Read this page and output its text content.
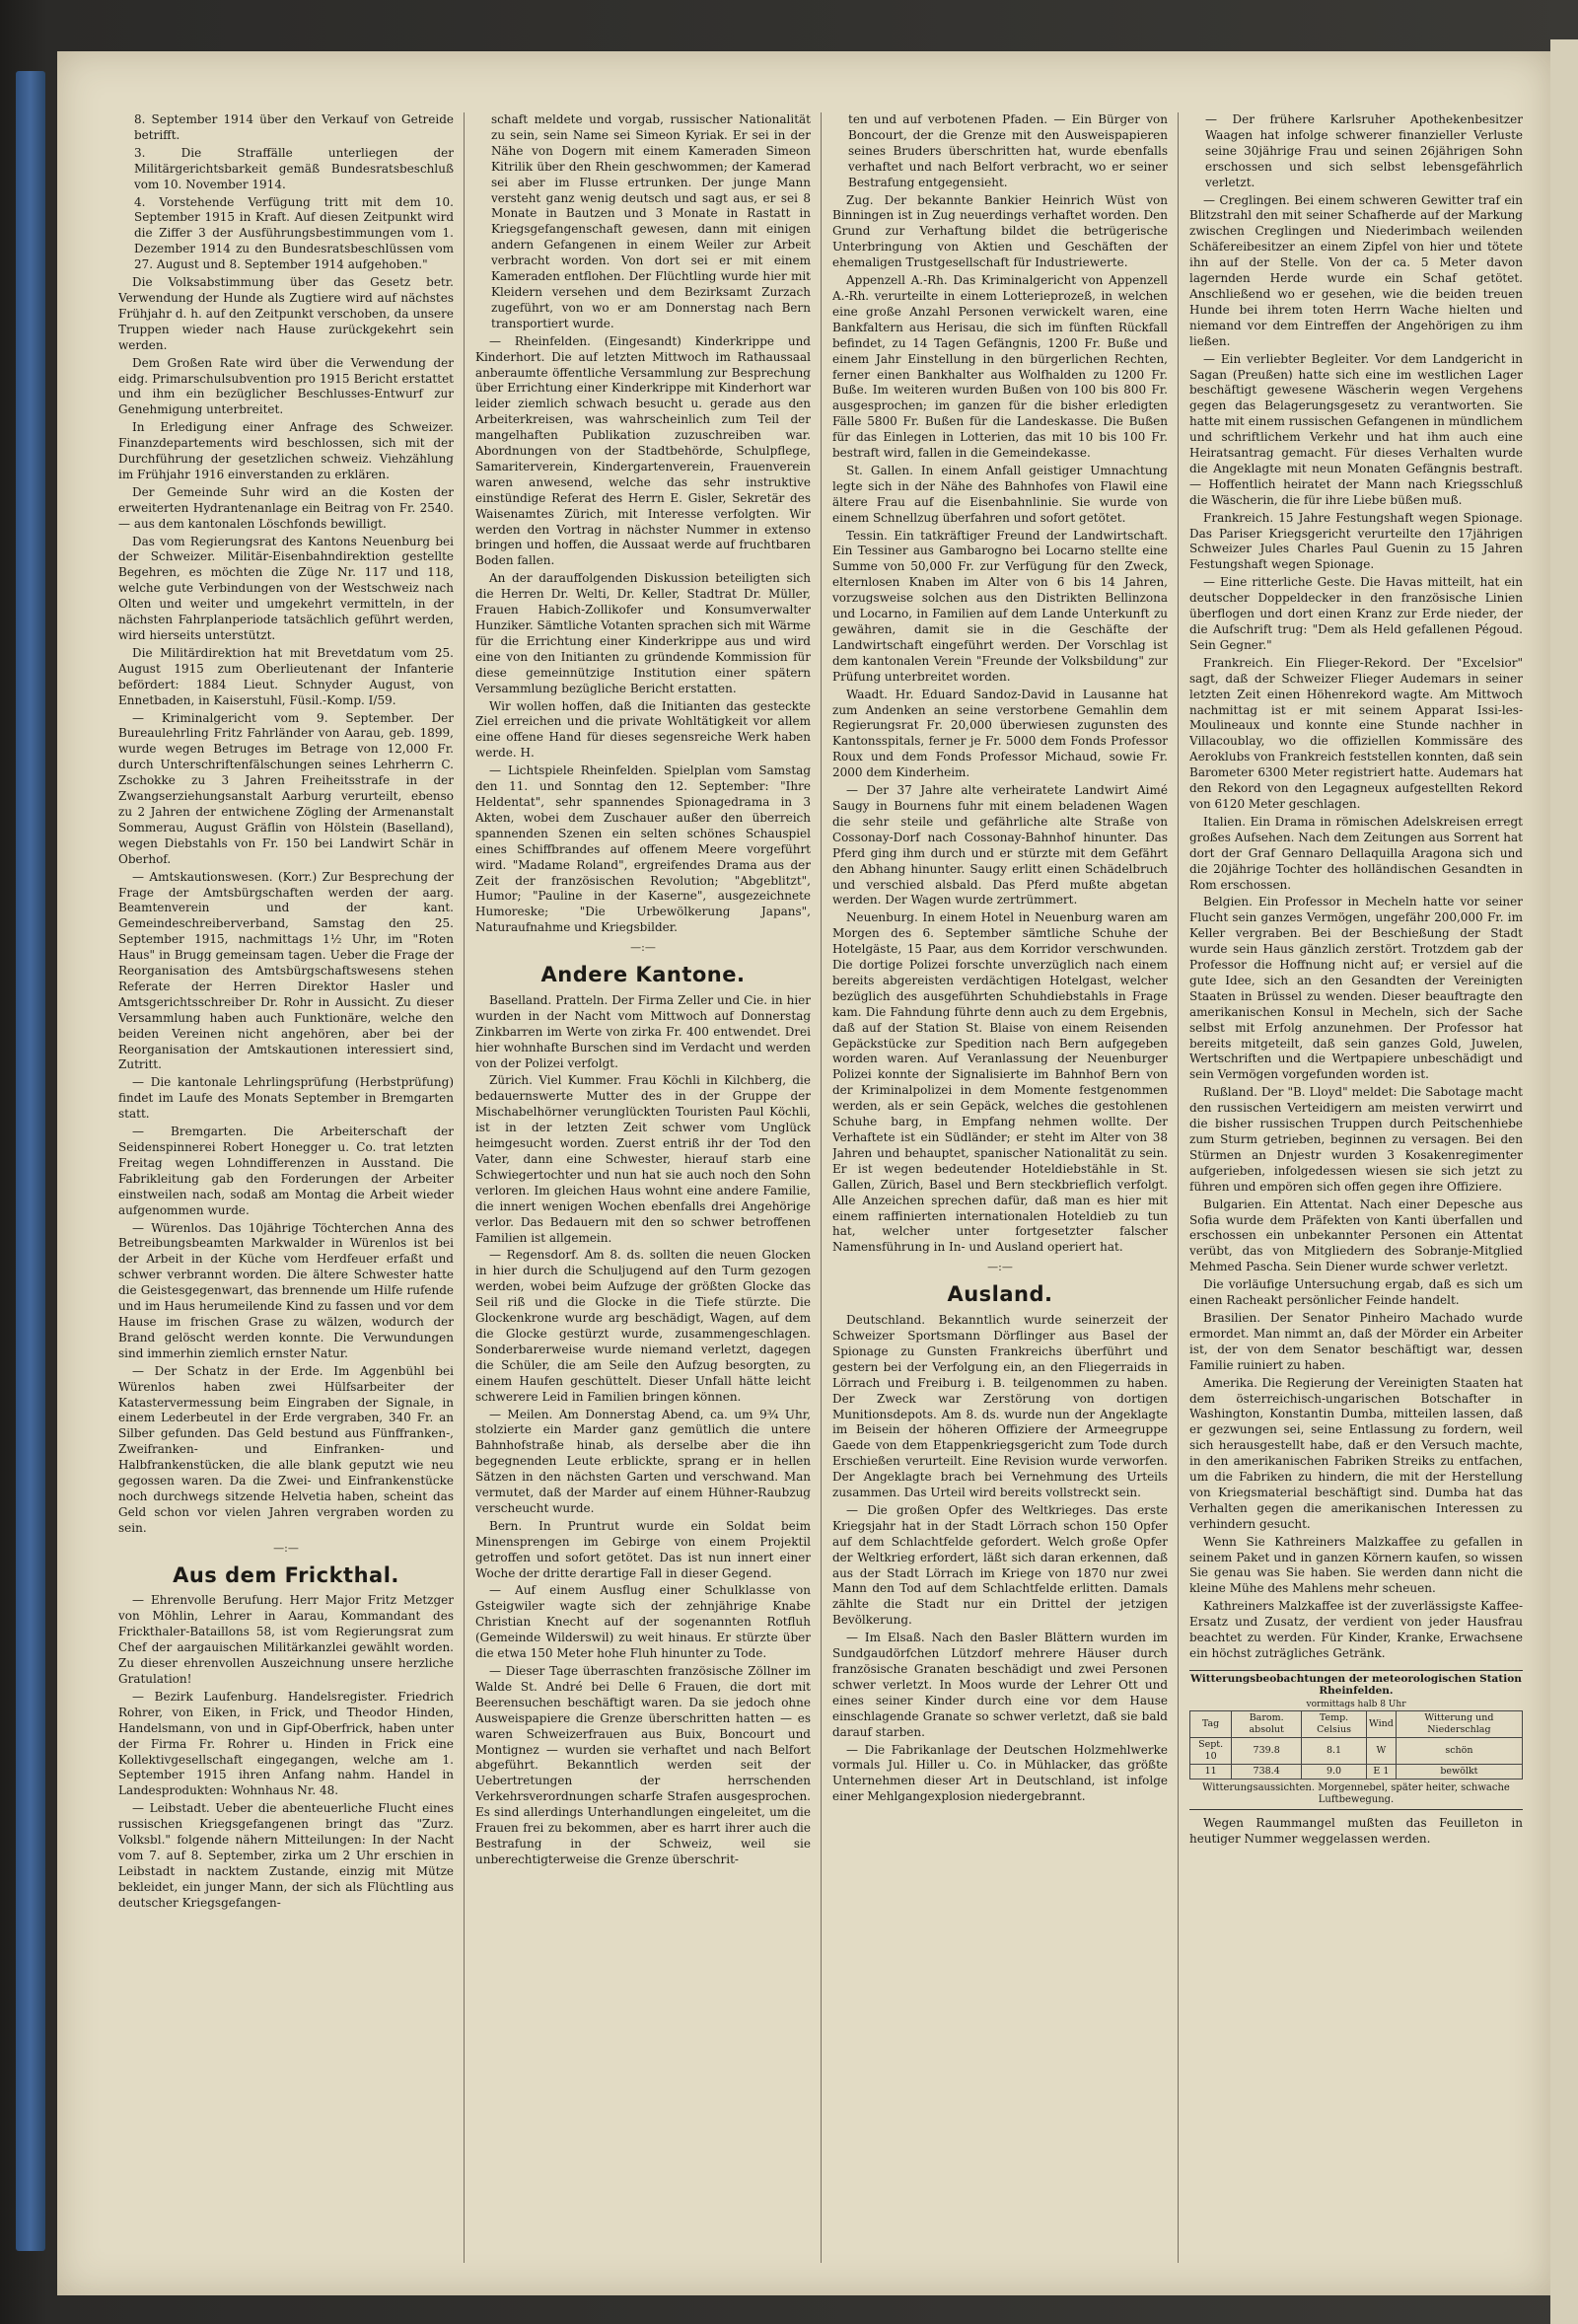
8. September 1914 über den Verkauf von Getreide betrifft.

3. Die Straffälle unterliegen der Militärgerichtsbarkeit gemäß Bundesratsbeschluß vom 10. November 1914.

4. Vorstehende Verfügung tritt mit dem 10. September 1915 in Kraft. Auf diesen Zeitpunkt wird die Ziffer 3 der Ausführungsbestimmungen vom 1. Dezember 1914 zu den Bundesratsbeschlüssen vom 27. August und 8. September 1914 aufgehoben."

Die Volksabstimmung über das Gesetz betr. Verwendung der Hunde als Zugtiere wird auf nächstes Frühjahr d. h. auf den Zeitpunkt verschoben, da unsere Truppen wieder nach Hause zurückgekehrt sein werden.

Dem Großen Rate wird über die Verwendung der eidg. Primarschulsubvention pro 1915 Bericht erstattet und ihm ein bezüglicher Beschlusses-Entwurf zur Genehmigung unterbreitet.

In Erledigung einer Anfrage des Schweizer. Finanzdepartements wird beschlossen, sich mit der Durchführung der gesetzlichen schweiz. Viehzählung im Frühjahr 1916 einverstanden zu erklären.

Der Gemeinde Suhr wird an die Kosten der erweiterten Hydrantenanlage ein Beitrag von Fr. 2540.— aus dem kantonalen Löschfonds bewilligt.

Das vom Regierungsrat des Kantons Neuenburg bei der Schweizer. Militär-Eisenbahndirektion gestellte Begehren, es möchten die Züge Nr. 117 und 118, welche gute Verbindungen von der Westschweiz nach Olten und weiter und umgekehrt vermitteln, in der nächsten Fahrplanperiode tatsächlich geführt werden, wird hierseits unterstützt.

Die Militärdirektion hat mit Brevetdatum vom 25. August 1915 zum Oberlieutenant der Infanterie befördert: 1884 Lieut. Schnyder August, von Ennetbaden, in Kaiserstuhl, Füsil.-Komp. I/59.

— Kriminalgericht vom 9. September. Der Bureaulehrling Fritz Fahrländer von Aarau, geb. 1899, wurde wegen Betruges im Betrage von 12,000 Fr. durch Unterschriftenfälschungen seines Lehrherrn C. Zschokke zu 3 Jahren Freiheitsstrafe in der Zwangserziehungsanstalt Aarburg verurteilt, ebenso zu 2 Jahren der entwichene Zögling der Armenanstalt Sommerau, August Gräflin von Hölstein (Baselland), wegen Diebstahls von Fr. 150 bei Landwirt Schär in Oberhof.

— Amtskautionswesen. (Korr.) Zur Besprechung der Frage der Amtsbürgschaften werden der aarg. Beamtenverein und der kant. Gemeindeschreiberverband, Samstag den 25. September 1915, nachmittags 1½ Uhr, im "Roten Haus" in Brugg gemeinsam tagen. Ueber die Frage der Reorganisation des Amtsbürgschaftswesens stehen Referate der Herren Direktor Hasler und Amtsgerichtsschreiber Dr. Rohr in Aussicht. Zu dieser Versammlung haben auch Funktionäre, welche den beiden Vereinen nicht angehören, aber bei der Reorganisation der Amtskautionen interessiert sind, Zutritt.

— Die kantonale Lehrlingsprüfung (Herbstprüfung) findet im Laufe des Monats September in Bremgarten statt.

— Bremgarten. Die Arbeiterschaft der Seidenspinnerei Robert Honegger u. Co. trat letzten Freitag wegen Lohndifferenzen in Ausstand. Die Fabrikleitung gab den Forderungen der Arbeiter einstweilen nach, sodaß am Montag die Arbeit wieder aufgenommen wurde.

— Würenlos. Das 10jährige Töchterchen Anna des Betreibungsbeamten Markwalder in Würenlos ist bei der Arbeit in der Küche vom Herdfeuer erfaßt und schwer verbrannt worden. Die ältere Schwester hatte die Geistesgegenwart, das brennende um Hilfe rufende und im Haus herumeilende Kind zu fassen und vor dem Hause im frischen Grase zu wälzen, wodurch der Brand gelöscht werden konnte. Die Verwundungen sind immerhin ziemlich ernster Natur.

— Der Schatz in der Erde. Im Aggenbühl bei Würenlos haben zwei Hülfsarbeiter der Katastervermessung beim Eingraben der Signale, in einem Lederbeutel in der Erde vergraben, 340 Fr. an Silber gefunden. Das Geld bestund aus Fünffranken-, Zweifranken- und Einfranken- und Halbfrankenstücken, die alle blank geputzt wie neu gegossen waren. Da die Zwei- und Einfrankenstücke noch durchwegs sitzende Helvetia haben, scheint das Geld schon vor vielen Jahren vergraben worden zu sein.

—:—
Aus dem Frickthal.

— Ehrenvolle Berufung. Herr Major Fritz Metzger von Möhlin, Lehrer in Aarau, Kommandant des Frickthaler-Bataillons 58, ist vom Regierungsrat zum Chef der aargauischen Militärkanzlei gewählt worden. Zu dieser ehrenvollen Auszeichnung unsere herzliche Gratulation!

— Bezirk Laufenburg. Handelsregister. Friedrich Rohrer, von Eiken, in Frick, und Theodor Hinden, Handelsmann, von und in Gipf-Oberfrick, haben unter der Firma Fr. Rohrer u. Hinden in Frick eine Kollektivgesellschaft eingegangen, welche am 1. September 1915 ihren Anfang nahm. Handel in Landesprodukten: Wohnhaus Nr. 48.

— Leibstadt. Ueber die abenteuerliche Flucht eines russischen Kriegsgefangenen bringt das "Zurz. Volksbl." folgende nähern Mitteilungen: In der Nacht vom 7. auf 8. September, zirka um 2 Uhr erschien in Leibstadt in nacktem Zustande, einzig mit Mütze bekleidet, ein junger Mann, der sich als Flüchtling aus deutscher Kriegsgefangen-

schaft meldete und vorgab, russischer Nationalität zu sein, sein Name sei Simeon Kyriak. Er sei in der Nähe von Dogern mit einem Kameraden Simeon Kitrilik über den Rhein geschwommen; der Kamerad sei aber im Flusse ertrunken. Der junge Mann versteht ganz wenig deutsch und sagt aus, er sei 8 Monate in Bautzen und 3 Monate in Rastatt in Kriegsgefangenschaft gewesen, dann mit einigen andern Gefangenen in einem Weiler zur Arbeit verbracht worden. Von dort sei er mit einem Kameraden entflohen. Der Flüchtling wurde hier mit Kleidern versehen und dem Bezirksamt Zurzach zugeführt, von wo er am Donnerstag nach Bern transportiert wurde.

— Rheinfelden. (Eingesandt) Kinderkrippe und Kinderhort. Die auf letzten Mittwoch im Rathaussaal anberaumte öffentliche Versammlung zur Besprechung über Errichtung einer Kinderkrippe mit Kinderhort war leider ziemlich schwach besucht u. gerade aus den Arbeiterkreisen, was wahrscheinlich zum Teil der mangelhaften Publikation zuzuschreiben war. Abordnungen von der Stadtbehörde, Schulpflege, Samariterverein, Kindergartenverein, Frauenverein waren anwesend, welche das sehr instruktive einstündige Referat des Herrn E. Gisler, Sekretär des Waisenamtes Zürich, mit Interesse verfolgten. Wir werden den Vortrag in nächster Nummer in extenso bringen und hoffen, die Aussaat werde auf fruchtbaren Boden fallen.

An der darauffolgenden Diskussion beteiligten sich die Herren Dr. Welti, Dr. Keller, Stadtrat Dr. Müller, Frauen Habich-Zollikofer und Konsumverwalter Hunziker. Sämtliche Votanten sprachen sich mit Wärme für die Errichtung einer Kinderkrippe aus und wird eine von den Initianten zu gründende Kommission für diese gemeinnützige Institution einer spätern Versammlung bezügliche Bericht erstatten.

Wir wollen hoffen, daß die Initianten das gesteckte Ziel erreichen und die private Wohltätigkeit vor allem eine offene Hand für dieses segensreiche Werk haben werde. H.

— Lichtspiele Rheinfelden. Spielplan vom Samstag den 11. und Sonntag den 12. September: "Ihre Heldentat", sehr spannendes Spionagedrama in 3 Akten, wobei dem Zuschauer außer den überreich spannenden Szenen ein selten schönes Schauspiel eines Schiffbrandes auf offenem Meere vorgeführt wird. "Madame Roland", ergreifendes Drama aus der Zeit der französischen Revolution; "Abgeblitzt", Humor; "Pauline in der Kaserne", ausgezeichnete Humoreske; "Die Urbewölkerung Japans", Naturaufnahme und Kriegsbilder.

—:—
Andere Kantone.

Baselland. Pratteln. Der Firma Zeller und Cie. in hier wurden in der Nacht vom Mittwoch auf Donnerstag Zinkbarren im Werte von zirka Fr. 400 entwendet. Drei hier wohnhafte Burschen sind im Verdacht und werden von der Polizei verfolgt.

Zürich. Viel Kummer. Frau Köchli in Kilchberg, die bedauernswerte Mutter des in der Gruppe der Mischabelhörner verunglückten Touristen Paul Köchli, ist in der letzten Zeit schwer vom Unglück heimgesucht worden. Zuerst entriß ihr der Tod den Vater, dann eine Schwester, hierauf starb eine Schwiegertochter und nun hat sie auch noch den Sohn verloren. Im gleichen Haus wohnt eine andere Familie, die innert wenigen Wochen ebenfalls drei Angehörige verlor. Das Bedauern mit den so schwer betroffenen Familien ist allgemein.

— Regensdorf. Am 8. ds. sollten die neuen Glocken in hier durch die Schuljugend auf den Turm gezogen werden, wobei beim Aufzuge der größten Glocke das Seil riß und die Glocke in die Tiefe stürzte. Die Glockenkrone wurde arg beschädigt, Wagen, auf dem die Glocke gestürzt wurde, zusammengeschlagen. Sonderbarerweise wurde niemand verletzt, dagegen die Schüler, die am Seile den Aufzug besorgten, zu einem Haufen geschüttelt. Dieser Unfall hätte leicht schwerere Leid in Familien bringen können.

— Meilen. Am Donnerstag Abend, ca. um 9¾ Uhr, stolzierte ein Marder ganz gemütlich die untere Bahnhofstraße hinab, als derselbe aber die ihn begegnenden Leute erblickte, sprang er in hellen Sätzen in den nächsten Garten und verschwand. Man vermutet, daß der Marder auf einem Hühner-Raubzug verscheucht wurde.

Bern. In Pruntrut wurde ein Soldat beim Minensprengen im Gebirge von einem Projektil getroffen und sofort getötet. Das ist nun innert einer Woche der dritte derartige Fall in dieser Gegend.

— Auf einem Ausflug einer Schulklasse von Gsteigwiler wagte sich der zehnjährige Knabe Christian Knecht auf der sogenannten Rotfluh (Gemeinde Wilderswil) zu weit hinaus. Er stürzte über die etwa 150 Meter hohe Fluh hinunter zu Tode.

— Dieser Tage überraschten französische Zöllner im Walde St. André bei Delle 6 Frauen, die dort mit Beerensuchen beschäftigt waren. Da sie jedoch ohne Ausweispapiere die Grenze überschritten hatten — es waren Schweizerfrauen aus Buix, Boncourt und Montignez — wurden sie verhaftet und nach Belfort abgeführt. Bekanntlich werden seit der Uebertretungen der herrschenden Verkehrsverordnungen scharfe Strafen ausgesprochen. Es sind allerdings Unterhandlungen eingeleitet, um die Frauen frei zu bekommen, aber es harrt ihrer auch die Bestrafung in der Schweiz, weil sie unberechtigterweise die Grenze überschrit-

ten und auf verbotenen Pfaden. — Ein Bürger von Boncourt, der die Grenze mit den Ausweispapieren seines Bruders überschritten hat, wurde ebenfalls verhaftet und nach Belfort verbracht, wo er seiner Bestrafung entgegensieht.

Zug. Der bekannte Bankier Heinrich Wüst von Binningen ist in Zug neuerdings verhaftet worden. Den Grund zur Verhaftung bildet die betrügerische Unterbringung von Aktien und Geschäften der ehemaligen Trustgesellschaft für Industriewerte.

Appenzell A.-Rh. Das Kriminalgericht von Appenzell A.-Rh. verurteilte in einem Lotterieprozeß, in welchen eine große Anzahl Personen verwickelt waren, eine Bankfaltern aus Herisau, die sich im fünften Rückfall befindet, zu 14 Tagen Gefängnis, 1200 Fr. Buße und einem Jahr Einstellung in den bürgerlichen Rechten, ferner einen Bankhalter aus Wolfhalden zu 1200 Fr. Buße. Im weiteren wurden Bußen von 100 bis 800 Fr. ausgesprochen; im ganzen für die bisher erledigten Fälle 5800 Fr. Bußen für die Landeskasse. Die Bußen für das Einlegen in Lotterien, das mit 10 bis 100 Fr. bestraft wird, fallen in die Gemeindekasse.

St. Gallen. In einem Anfall geistiger Umnachtung legte sich in der Nähe des Bahnhofes von Flawil eine ältere Frau auf die Eisenbahnlinie. Sie wurde von einem Schnellzug überfahren und sofort getötet.

Tessin. Ein tatkräftiger Freund der Landwirtschaft. Ein Tessiner aus Gambarogno bei Locarno stellte eine Summe von 50,000 Fr. zur Verfügung für den Zweck, elternlosen Knaben im Alter von 6 bis 14 Jahren, vorzugsweise solchen aus den Distrikten Bellinzona und Locarno, in Familien auf dem Lande Unterkunft zu gewähren, damit sie in die Geschäfte der Landwirtschaft eingeführt werden. Der Vorschlag ist dem kantonalen Verein "Freunde der Volksbildung" zur Prüfung unterbreitet worden.

Waadt. Hr. Eduard Sandoz-David in Lausanne hat zum Andenken an seine verstorbene Gemahlin dem Regierungsrat Fr. 20,000 überwiesen zugunsten des Kantonsspitals, ferner je Fr. 5000 dem Fonds Professor Roux und dem Fonds Professor Michaud, sowie Fr. 2000 dem Kinderheim.

— Der 37 Jahre alte verheiratete Landwirt Aimé Saugy in Bournens fuhr mit einem beladenen Wagen die sehr steile und gefährliche alte Straße von Cossonay-Dorf nach Cossonay-Bahnhof hinunter. Das Pferd ging ihm durch und er stürzte mit dem Gefährt den Abhang hinunter. Saugy erlitt einen Schädelbruch und verschied alsbald. Das Pferd mußte abgetan werden. Der Wagen wurde zertrümmert.

Neuenburg. In einem Hotel in Neuenburg waren am Morgen des 6. September sämtliche Schuhe der Hotelgäste, 15 Paar, aus dem Korridor verschwunden. Die dortige Polizei forschte unverzüglich nach einem bereits abgereisten verdächtigen Hotelgast, welcher bezüglich des ausgeführten Schuhdiebstahls in Frage kam. Die Fahndung führte denn auch zu dem Ergebnis, daß auf der Station St. Blaise von einem Reisenden Gepäckstücke zur Spedition nach Bern aufgegeben worden waren. Auf Veranlassung der Neuenburger Polizei konnte der Signalisierte im Bahnhof Bern von der Kriminalpolizei in dem Momente festgenommen werden, als er sein Gepäck, welches die gestohlenen Schuhe barg, in Empfang nehmen wollte. Der Verhaftete ist ein Südländer; er steht im Alter von 38 Jahren und behauptet, spanischer Nationalität zu sein. Er ist wegen bedeutender Hoteldiebstähle in St. Gallen, Zürich, Basel und Bern steckbrieflich verfolgt. Alle Anzeichen sprechen dafür, daß man es hier mit einem raffinierten internationalen Hoteldieb zu tun hat, welcher unter fortgesetzter falscher Namensführung in In- und Ausland operiert hat.

—:—
Ausland.

Deutschland. Bekanntlich wurde seinerzeit der Schweizer Sportsmann Dörflinger aus Basel der Spionage zu Gunsten Frankreichs überführt und gestern bei der Verfolgung ein, an den Fliegerraids in Lörrach und Freiburg i. B. teilgenommen zu haben. Der Zweck war Zerstörung von dortigen Munitionsdepots. Am 8. ds. wurde nun der Angeklagte im Beisein der höheren Offiziere der Armeegruppe Gaede von dem Etappenkriegsgericht zum Tode durch Erschießen verurteilt. Eine Revision wurde verworfen. Der Angeklagte brach bei Vernehmung des Urteils zusammen. Das Urteil wird bereits vollstreckt sein.

— Die großen Opfer des Weltkrieges. Das erste Kriegsjahr hat in der Stadt Lörrach schon 150 Opfer auf dem Schlachtfelde gefordert. Welch große Opfer der Weltkrieg erfordert, läßt sich daran erkennen, daß aus der Stadt Lörrach im Kriege von 1870 nur zwei Mann den Tod auf dem Schlachtfelde erlitten. Damals zählte die Stadt nur ein Drittel der jetzigen Bevölkerung.

— Im Elsaß. Nach den Basler Blättern wurden im Sundgaudörfchen Lützdorf mehrere Häuser durch französische Granaten beschädigt und zwei Personen schwer verletzt. In Moos wurde der Lehrer Ott und eines seiner Kinder durch eine vor dem Hause einschlagende Granate so schwer verletzt, daß sie bald darauf starben.

— Die Fabrikanlage der Deutschen Holzmehlwerke vormals Jul. Hiller u. Co. in Mühlacker, das größte Unternehmen dieser Art in Deutschland, ist infolge einer Mehlgangexplosion niedergebrannt.

— Der frühere Karlsruher Apothekenbesitzer Waagen hat infolge schwerer finanzieller Verluste seine 30jährige Frau und seinen 26jährigen Sohn erschossen und sich selbst lebensgefährlich verletzt.

— Creglingen. Bei einem schweren Gewitter traf ein Blitzstrahl den mit seiner Schafherde auf der Markung zwischen Creglingen und Niederimbach weilenden Schäfereibesitzer an einem Zipfel von hier und tötete ihn auf der Stelle. Von der ca. 5 Meter davon lagernden Herde wurde ein Schaf getötet. Anschließend wo er gesehen, wie die beiden treuen Hunde bei ihrem toten Herrn Wache hielten und niemand vor dem Eintreffen der Angehörigen zu ihm ließen.

— Ein verliebter Begleiter. Vor dem Landgericht in Sagan (Preußen) hatte sich eine im westlichen Lager beschäftigt gewesene Wäscherin wegen Vergehens gegen das Belagerungsgesetz zu verantworten. Sie hatte mit einem russischen Gefangenen in mündlichem und schriftlichem Verkehr und hat ihm auch eine Heiratsantrag gemacht. Für dieses Verhalten wurde die Angeklagte mit neun Monaten Gefängnis bestraft. — Hoffentlich heiratet der Mann nach Kriegsschluß die Wäscherin, die für ihre Liebe büßen muß.

Frankreich. 15 Jahre Festungshaft wegen Spionage. Das Pariser Kriegsgericht verurteilte den 17jährigen Schweizer Jules Charles Paul Guenin zu 15 Jahren Festungshaft wegen Spionage.

— Eine ritterliche Geste. Die Havas mitteilt, hat ein deutscher Doppeldecker in den französische Linien überflogen und dort einen Kranz zur Erde nieder, der die Aufschrift trug: "Dem als Held gefallenen Pégoud. Sein Gegner."

Frankreich. Ein Flieger-Rekord. Der "Excelsior" sagt, daß der Schweizer Flieger Audemars in seiner letzten Zeit einen Höhenrekord wagte. Am Mittwoch nachmittag ist er mit seinem Apparat Issi-les-Moulineaux und konnte eine Stunde nachher in Villacoublay, wo die offiziellen Kommissäre des Aeroklubs von Frankreich feststellen konnten, daß sein Barometer 6300 Meter registriert hatte. Audemars hat den Rekord von den Legagneux aufgestellten Rekord von 6120 Meter geschlagen.

Italien. Ein Drama in römischen Adelskreisen erregt großes Aufsehen. Nach dem Zeitungen aus Sorrent hat dort der Graf Gennaro Dellaquilla Aragona sich und die 20jährige Tochter des holländischen Gesandten in Rom erschossen.

Belgien. Ein Professor in Mecheln hatte vor seiner Flucht sein ganzes Vermögen, ungefähr 200,000 Fr. im Keller vergraben. Bei der Beschießung der Stadt wurde sein Haus gänzlich zerstört. Trotzdem gab der Professor die Hoffnung nicht auf; er versiel auf die gute Idee, sich an den Gesandten der Vereinigten Staaten in Brüssel zu wenden. Dieser beauftragte den amerikanischen Konsul in Mecheln, sich der Sache selbst mit Erfolg anzunehmen. Der Professor hat bereits mitgeteilt, daß sein ganzes Gold, Juwelen, Wertschriften und die Wertpapiere unbeschädigt und sein Vermögen vorgefunden worden ist.

Rußland. Der "B. Lloyd" meldet: Die Sabotage macht den russischen Verteidigern am meisten verwirrt und die bisher russischen Truppen durch Peitschenhiebe zum Sturm getrieben, beginnen zu versagen. Bei den Stürmen an Dnjestr wurden 3 Kosakenregimenter aufgerieben, infolgedessen wiesen sie sich jetzt zu führen und empören sich offen gegen ihre Offiziere.

Bulgarien. Ein Attentat. Nach einer Depesche aus Sofia wurde dem Präfekten von Kanti überfallen und erschossen ein unbekannter Personen ein Attentat verübt, das von Mitgliedern des Sobranje-Mitglied Mehmed Pascha. Sein Diener wurde schwer verletzt.

Die vorläufige Untersuchung ergab, daß es sich um einen Racheakt persönlicher Feinde handelt.

Brasilien. Der Senator Pinheiro Machado wurde ermordet. Man nimmt an, daß der Mörder ein Arbeiter ist, der von dem Senator beschäftigt war, dessen Familie ruiniert zu haben.

Amerika. Die Regierung der Vereinigten Staaten hat dem österreichisch-ungarischen Botschafter in Washington, Konstantin Dumba, mitteilen lassen, daß er gezwungen sei, seine Entlassung zu fordern, weil sich herausgestellt habe, daß er den Versuch machte, in den amerikanischen Fabriken Streiks zu entfachen, um die Fabriken zu hindern, die mit der Herstellung von Kriegsmaterial beschäftigt sind. Dumba hat das Verhalten gegen die amerikanischen Interessen zu verhindern gesucht.

Wenn Sie Kathreiners Malzkaffee zu gefallen in seinem Paket und in ganzen Körnern kaufen, so wissen Sie genau was Sie haben. Sie werden dann nicht die kleine Mühe des Mahlens mehr scheuen.

Kathreiners Malzkaffee ist der zuverlässigste Kaffee-Ersatz und Zusatz, der verdient von jeder Hausfrau beachtet zu werden. Für Kinder, Kranke, Erwachsene ein höchst zuträgliches Getränk.

Witterungsbeobachtungen der meteorologischen Station Rheinfelden.
vormittags halb 8 Uhr
Tag	Barom. absolut	Temp. Celsius	Wind	Witterung und Niederschlag
Sept. 10	739.8	8.1	W	schön
11	738.4	9.0	E 1	bewölkt
Witterungsaussichten. Morgennebel, später heiter, schwache Luftbewegung.

Wegen Raummangel mußten das Feuilleton in heutiger Nummer weggelassen werden.
